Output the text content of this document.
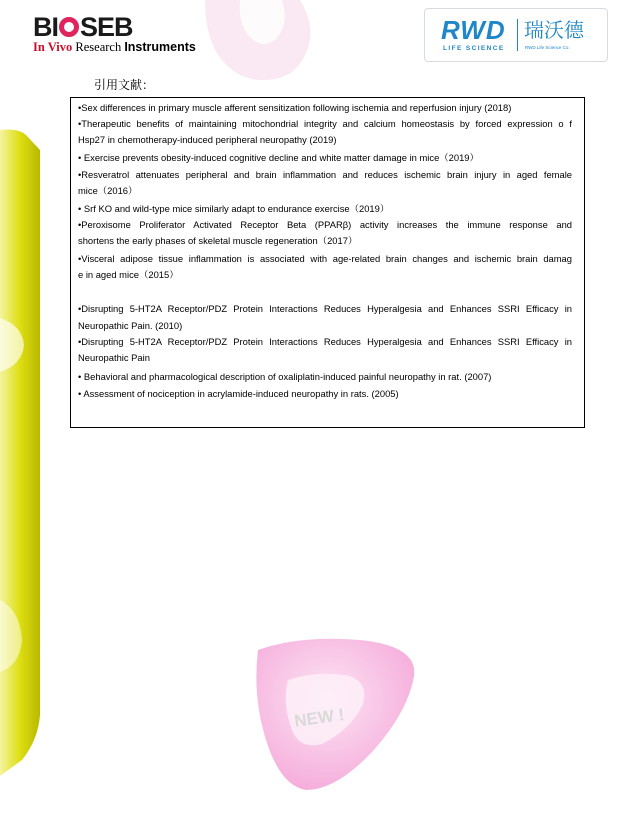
NEW !
BI SEB
In Vivo Research Instruments
RWD
LIFE SCIENCE
瑞沃德
RWD Life Science Co.
引用文献：
•Sex differences in primary muscle afferent sensitization following ischemia and reperfusion injury (2018)
•Therapeutic benefits of maintaining mitochondrial integrity and calcium homeostasis by forced expression o f
Hsp27 in chemotherapy-induced peripheral neuropathy (2019)
• Exercise prevents obesity-induced cognitive decline and white matter damage in mice（2019）
•Resveratrol attenuates peripheral and brain inflammation and reduces ischemic brain injury in aged female
mice（2016）
• Srf KO and wild-type mice similarly adapt to endurance exercise（2019）
•Peroxisome Proliferator Activated Receptor Beta (PPARβ) activity increases the immune response and
shortens the early phases of skeletal muscle regeneration（2017）
•Visceral adipose tissue inflammation is associated with age-related brain changes and ischemic brain damag
e in aged mice（2015）
•Disrupting 5-HT2A Receptor/PDZ Protein Interactions Reduces Hyperalgesia and Enhances SSRI Efficacy in
Neuropathic Pain. (2010)
•Disrupting 5-HT2A Receptor/PDZ Protein Interactions Reduces Hyperalgesia and Enhances SSRI Efficacy in
Neuropathic Pain
• Behavioral and pharmacological description of oxaliplatin-induced painful neuropathy in rat. (2007)
• Assessment of nociception in acrylamide-induced neuropathy in rats. (2005)
